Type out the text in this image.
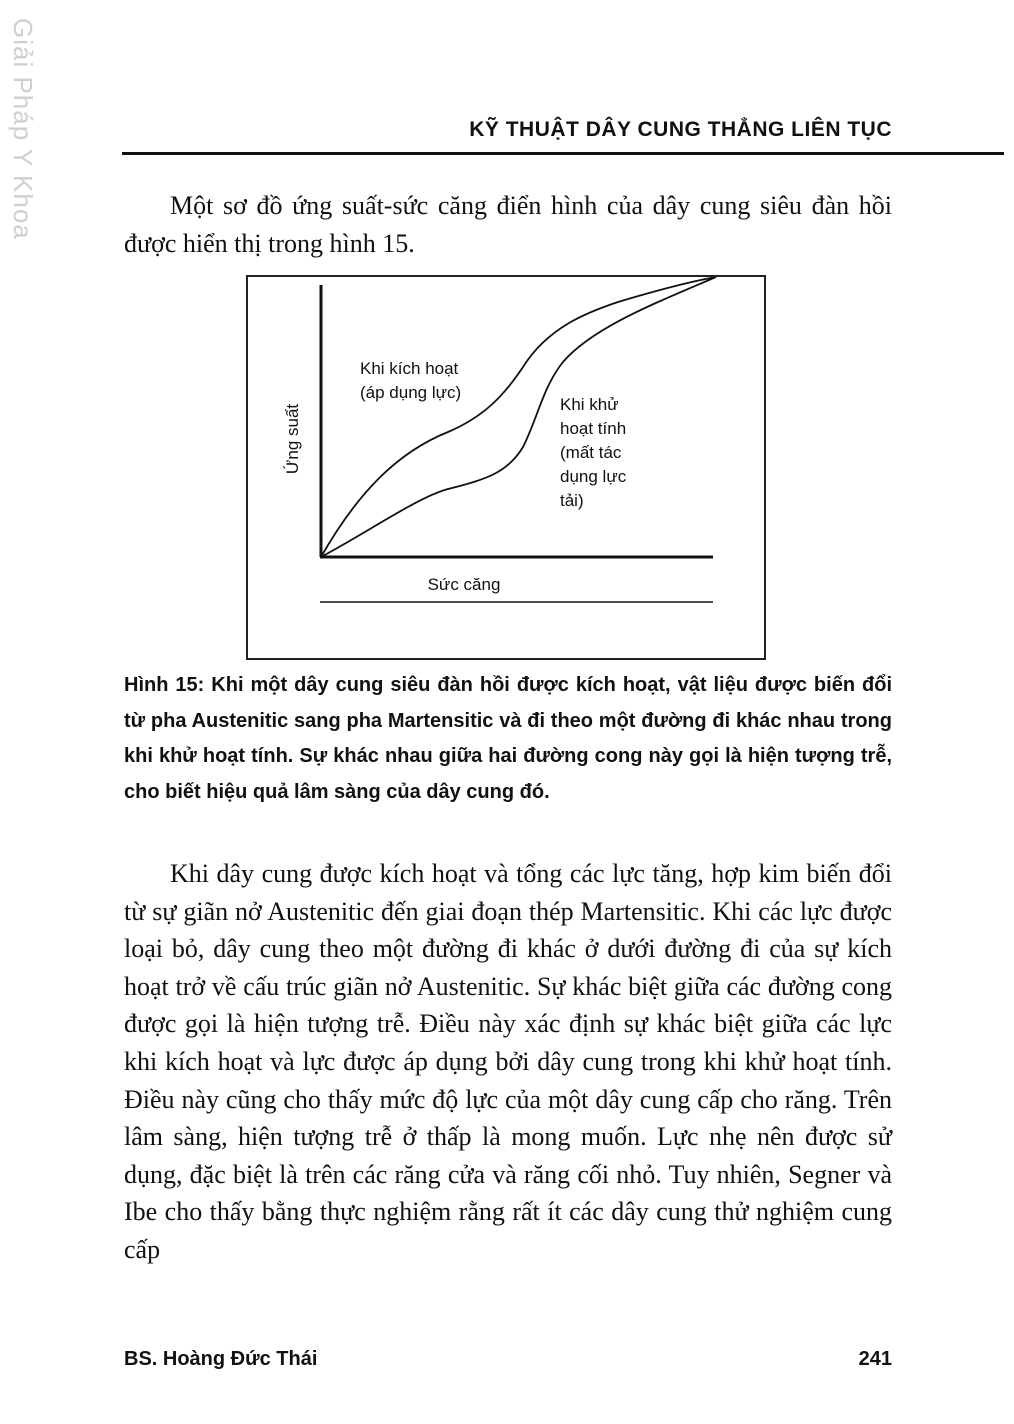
Giải Pháp Y Khoa	KỸ THUẬT DÂY CUNG THẲNG LIÊN TỤC

Một sơ đồ ứng suất-sức căng điển hình của dây cung siêu đàn hồi được hiển thị trong hình 15.

Ứng suất
Sức căng
Khi kích hoạt
(áp dụng lực)
Khi khử
hoạt tính
(mất tác
dụng lực
tải)

Hình 15: Khi một dây cung siêu đàn hồi được kích hoạt, vật liệu được biến đổi từ pha Austenitic sang pha Martensitic và đi theo một đường đi khác nhau trong khi khử hoạt tính. Sự khác nhau giữa hai đường cong này gọi là hiện tượng trễ, cho biết hiệu quả lâm sàng của dây cung đó.

Khi dây cung được kích hoạt và tổng các lực tăng, hợp kim biến đổi từ sự giãn nở Austenitic đến giai đoạn thép Martensitic. Khi các lực được loại bỏ, dây cung theo một đường đi khác ở dưới đường đi của sự kích hoạt trở về cấu trúc giãn nở Austenitic. Sự khác biệt giữa các đường cong được gọi là hiện tượng trễ. Điều này xác định sự khác biệt giữa các lực khi kích hoạt và lực được áp dụng bởi dây cung trong khi khử hoạt tính. Điều này cũng cho thấy mức độ lực của một dây cung cấp cho răng. Trên lâm sàng, hiện tượng trễ ở thấp là mong muốn. Lực nhẹ nên được sử dụng, đặc biệt là trên các răng cửa và răng cối nhỏ. Tuy nhiên, Segner và Ibe cho thấy bằng thực nghiệm rằng rất ít các dây cung thử nghiệm cung cấp

BS. Hoàng Đức Thái	241
